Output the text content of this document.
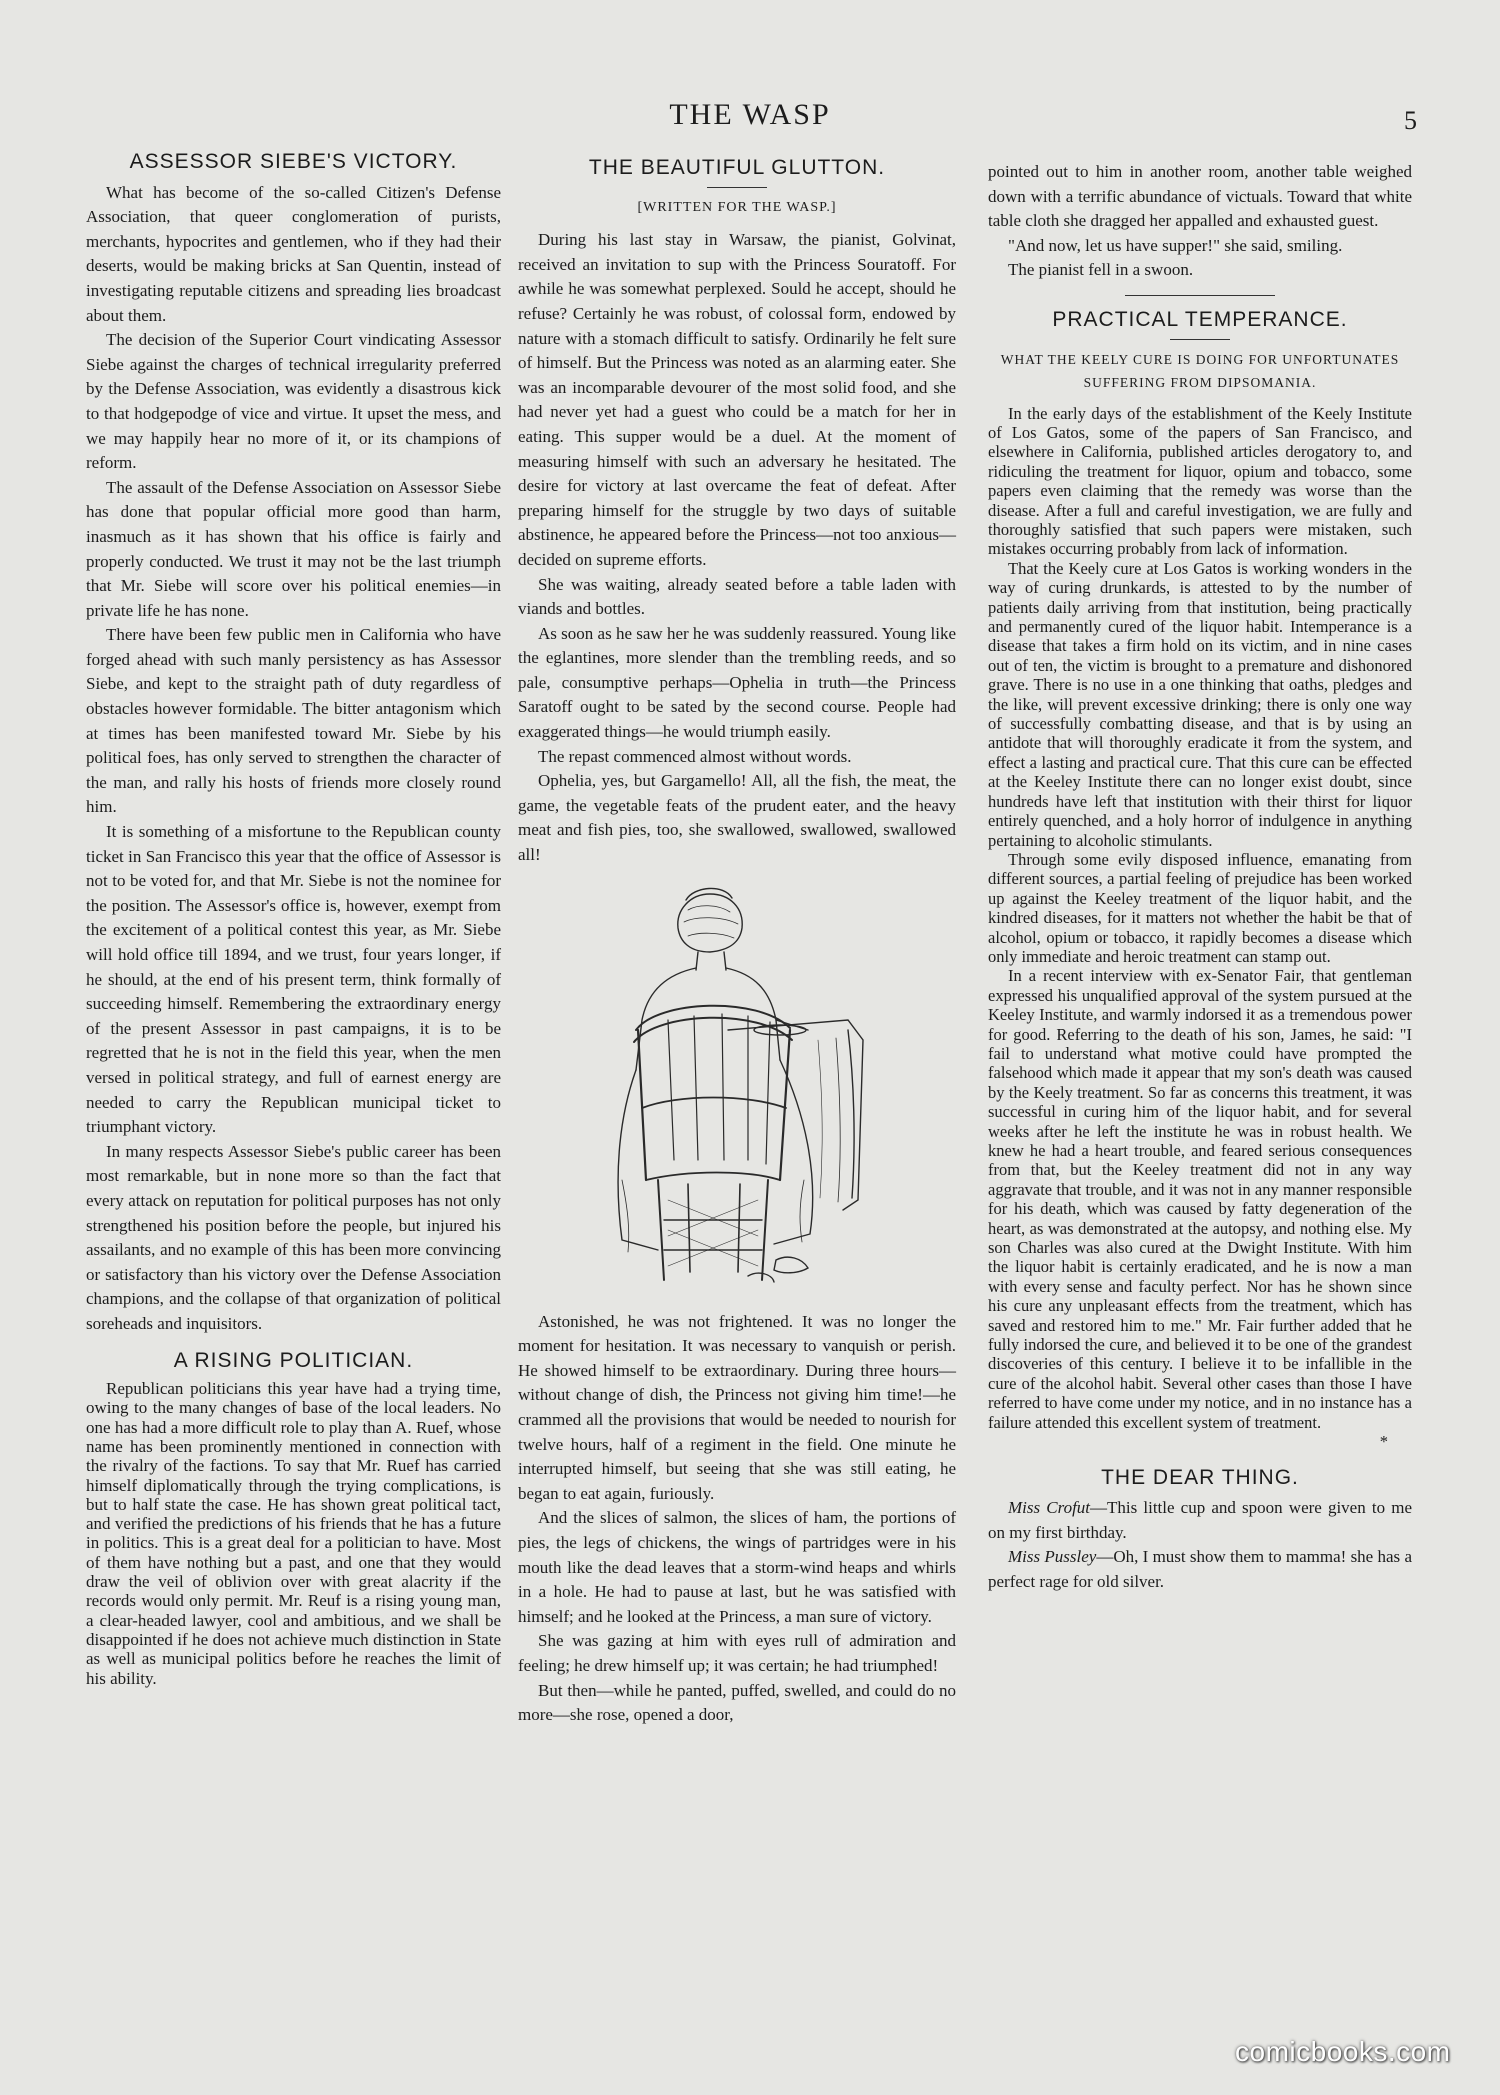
THE WASP	5
ASSESSOR SIEBE'S VICTORY.

What has become of the so-called Citizen's Defense Association, that queer conglomeration of purists, merchants, hypocrites and gentlemen, who if they had their deserts, would be making bricks at San Quentin, instead of investigating reputable citizens and spreading lies broadcast about them.

The decision of the Superior Court vindicating Assessor Siebe against the charges of technical irregularity preferred by the Defense Association, was evidently a disastrous kick to that hodgepodge of vice and virtue. It upset the mess, and we may happily hear no more of it, or its champions of reform.

The assault of the Defense Association on Assessor Siebe has done that popular official more good than harm, inasmuch as it has shown that his office is fairly and properly conducted. We trust it may not be the last triumph that Mr. Siebe will score over his political enemies—in private life he has none.

There have been few public men in California who have forged ahead with such manly persistency as has Assessor Siebe, and kept to the straight path of duty regardless of obstacles however formidable. The bitter antagonism which at times has been manifested toward Mr. Siebe by his political foes, has only served to strengthen the character of the man, and rally his hosts of friends more closely round him.

It is something of a misfortune to the Republican county ticket in San Francisco this year that the office of Assessor is not to be voted for, and that Mr. Siebe is not the nominee for the position. The Assessor's office is, however, exempt from the excitement of a political contest this year, as Mr. Siebe will hold office till 1894, and we trust, four years longer, if he should, at the end of his present term, think formally of succeeding himself. Remembering the extraordinary energy of the present Assessor in past campaigns, it is to be regretted that he is not in the field this year, when the men versed in political strategy, and full of earnest energy are needed to carry the Republican municipal ticket to triumphant victory.

In many respects Assessor Siebe's public career has been most remarkable, but in none more so than the fact that every attack on reputation for political purposes has not only strengthened his position before the people, but injured his assailants, and no example of this has been more convincing or satisfactory than his victory over the Defense Association champions, and the collapse of that organization of political soreheads and inquisitors.

A RISING POLITICIAN.

Republican politicians this year have had a trying time, owing to the many changes of base of the local leaders. No one has had a more difficult role to play than A. Ruef, whose name has been prominently mentioned in connection with the rivalry of the factions. To say that Mr. Ruef has carried himself diplomatically through the trying complications, is but to half state the case. He has shown great political tact, and verified the predictions of his friends that he has a future in politics. This is a great deal for a politician to have. Most of them have nothing but a past, and one that they would draw the veil of oblivion over with great alacrity if the records would only permit. Mr. Reuf is a rising young man, a clear-headed lawyer, cool and ambitious, and we shall be disappointed if he does not achieve much distinction in State as well as municipal politics before he reaches the limit of his ability.

THE BEAUTIFUL GLUTTON.
[WRITTEN FOR THE WASP.]

During his last stay in Warsaw, the pianist, Golvinat, received an invitation to sup with the Princess Souratoff. For awhile he was somewhat perplexed. Sould he accept, should he refuse? Certainly he was robust, of colossal form, endowed by nature with a stomach difficult to satisfy. Ordinarily he felt sure of himself. But the Princess was noted as an alarming eater. She was an incomparable devourer of the most solid food, and she had never yet had a guest who could be a match for her in eating. This supper would be a duel. At the moment of measuring himself with such an adversary he hesitated. The desire for victory at last overcame the feat of defeat. After preparing himself for the struggle by two days of suitable abstinence, he appeared before the Princess—not too anxious—decided on supreme efforts.

She was waiting, already seated before a table laden with viands and bottles.

As soon as he saw her he was suddenly reassured. Young like the eglantines, more slender than the trembling reeds, and so pale, consumptive perhaps—Ophelia in truth—the Princess Saratoff ought to be sated by the second course. People had exaggerated things—he would triumph easily.

The repast commenced almost without words.

Ophelia, yes, but Gargamello! All, all the fish, the meat, the game, the vegetable feats of the prudent eater, and the heavy meat and fish pies, too, she swallowed, swallowed, swallowed all!

Astonished, he was not frightened. It was no longer the moment for hesitation. It was necessary to vanquish or perish. He showed himself to be extraordinary. During three hours—without change of dish, the Princess not giving him time!—he crammed all the provisions that would be needed to nourish for twelve hours, half of a regiment in the field. One minute he interrupted himself, but seeing that she was still eating, he began to eat again, furiously.

And the slices of salmon, the slices of ham, the portions of pies, the legs of chickens, the wings of partridges were in his mouth like the dead leaves that a storm-wind heaps and whirls in a hole. He had to pause at last, but he was satisfied with himself; and he looked at the Princess, a man sure of victory.

She was gazing at him with eyes rull of admiration and feeling; he drew himself up; it was certain; he had triumphed!

But then—while he panted, puffed, swelled, and could do no more—she rose, opened a door,

pointed out to him in another room, another table weighed down with a terrific abundance of victuals. Toward that white table cloth she dragged her appalled and exhausted guest.

"And now, let us have supper!" she said, smiling.

The pianist fell in a swoon.

PRACTICAL TEMPERANCE.
WHAT THE KEELY CURE IS DOING FOR UNFORTUNATES SUFFERING FROM DIPSOMANIA.

In the early days of the establishment of the Keely Institute of Los Gatos, some of the papers of San Francisco, and elsewhere in California, published articles derogatory to, and ridiculing the treatment for liquor, opium and tobacco, some papers even claiming that the remedy was worse than the disease. After a full and careful investigation, we are fully and thoroughly satisfied that such papers were mistaken, such mistakes occurring probably from lack of information.

That the Keely cure at Los Gatos is working wonders in the way of curing drunkards, is attested to by the number of patients daily arriving from that institution, being practically and permanently cured of the liquor habit. Intemperance is a disease that takes a firm hold on its victim, and in nine cases out of ten, the victim is brought to a premature and dishonored grave. There is no use in a one thinking that oaths, pledges and the like, will prevent excessive drinking; there is only one way of successfully combatting disease, and that is by using an antidote that will thoroughly eradicate it from the system, and effect a lasting and practical cure. That this cure can be effected at the Keeley Institute there can no longer exist doubt, since hundreds have left that institution with their thirst for liquor entirely quenched, and a holy horror of indulgence in anything pertaining to alcoholic stimulants.

Through some evily disposed influence, emanating from different sources, a partial feeling of prejudice has been worked up against the Keeley treatment of the liquor habit, and the kindred diseases, for it matters not whether the habit be that of alcohol, opium or tobacco, it rapidly becomes a disease which only immediate and heroic treatment can stamp out.

In a recent interview with ex-Senator Fair, that gentleman expressed his unqualified approval of the system pursued at the Keeley Institute, and warmly indorsed it as a tremendous power for good. Referring to the death of his son, James, he said: "I fail to understand what motive could have prompted the falsehood which made it appear that my son's death was caused by the Keely treatment. So far as concerns this treatment, it was successful in curing him of the liquor habit, and for several weeks after he left the institute he was in robust health. We knew he had a heart trouble, and feared serious consequences from that, but the Keeley treatment did not in any way aggravate that trouble, and it was not in any manner responsible for his death, which was caused by fatty degeneration of the heart, as was demonstrated at the autopsy, and nothing else. My son Charles was also cured at the Dwight Institute. With him the liquor habit is certainly eradicated, and he is now a man with every sense and faculty perfect. Nor has he shown since his cure any unpleasant effects from the treatment, which has saved and restored him to me." Mr. Fair further added that he fully indorsed the cure, and believed it to be one of the grandest discoveries of this century. I believe it to be infallible in the cure of the alcohol habit. Several other cases than those I have referred to have come under my notice, and in no instance has a failure attended this excellent system of treatment.

*
THE DEAR THING.

Miss Crofut—This little cup and spoon were given to me on my first birthday.

Miss Pussley—Oh, I must show them to mamma! she has a perfect rage for old silver.

comicbooks.com
